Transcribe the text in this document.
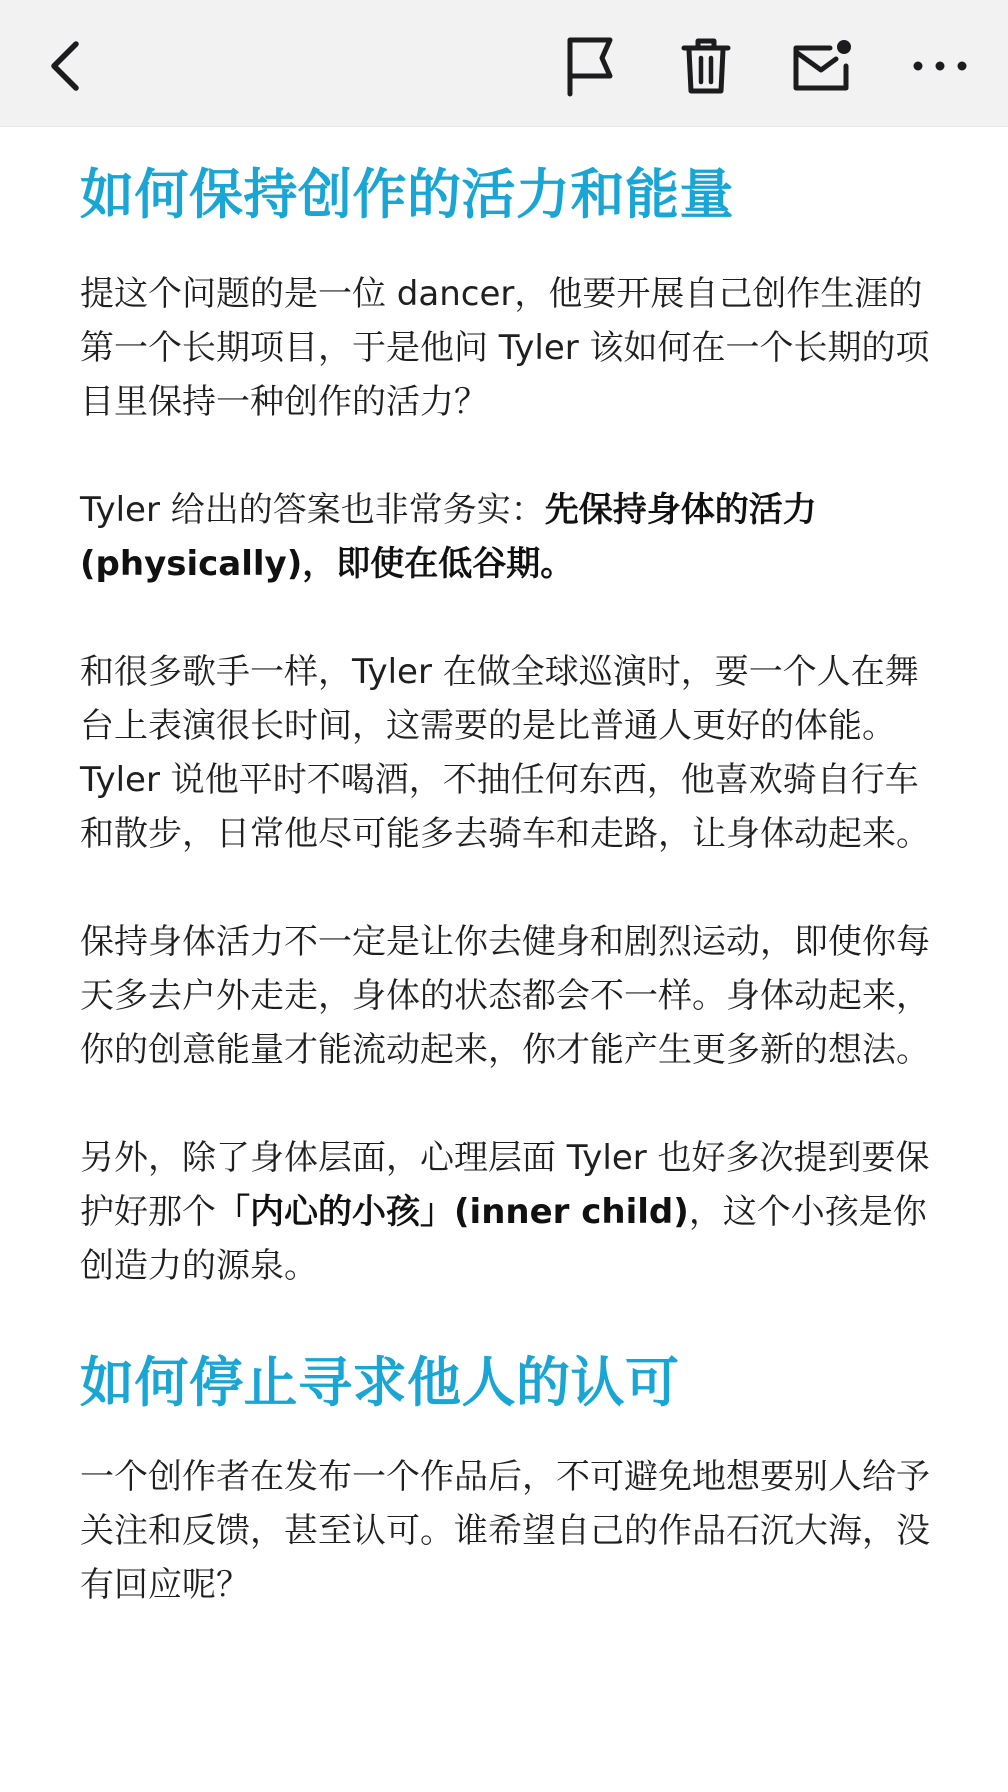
如何保持创作的活力和能量

提这个问题的是一位 dancer，他要开展自己创作生涯的第一个长期项目，于是他问 Tyler 该如何在一个长期的项目里保持一种创作的活力？

Tyler 给出的答案也非常务实：先保持身体的活力 (physically)，即使在低谷期。

和很多歌手一样，Tyler 在做全球巡演时，要一个人在舞台上表演很长时间，这需要的是比普通人更好的体能。Tyler 说他平时不喝酒，不抽任何东西，他喜欢骑自行车和散步，日常他尽可能多去骑车和走路，让身体动起来。

保持身体活力不一定是让你去健身和剧烈运动，即使你每天多去户外走走，身体的状态都会不一样。身体动起来，你的创意能量才能流动起来，你才能产生更多新的想法。

另外，除了身体层面，心理层面 Tyler 也好多次提到要保护好那个「内心的小孩」(inner child)，这个小孩是你创造力的源泉。

如何停止寻求他人的认可

一个创作者在发布一个作品后，不可避免地想要别人给予关注和反馈，甚至认可。谁希望自己的作品石沉大海，没有回应呢？
